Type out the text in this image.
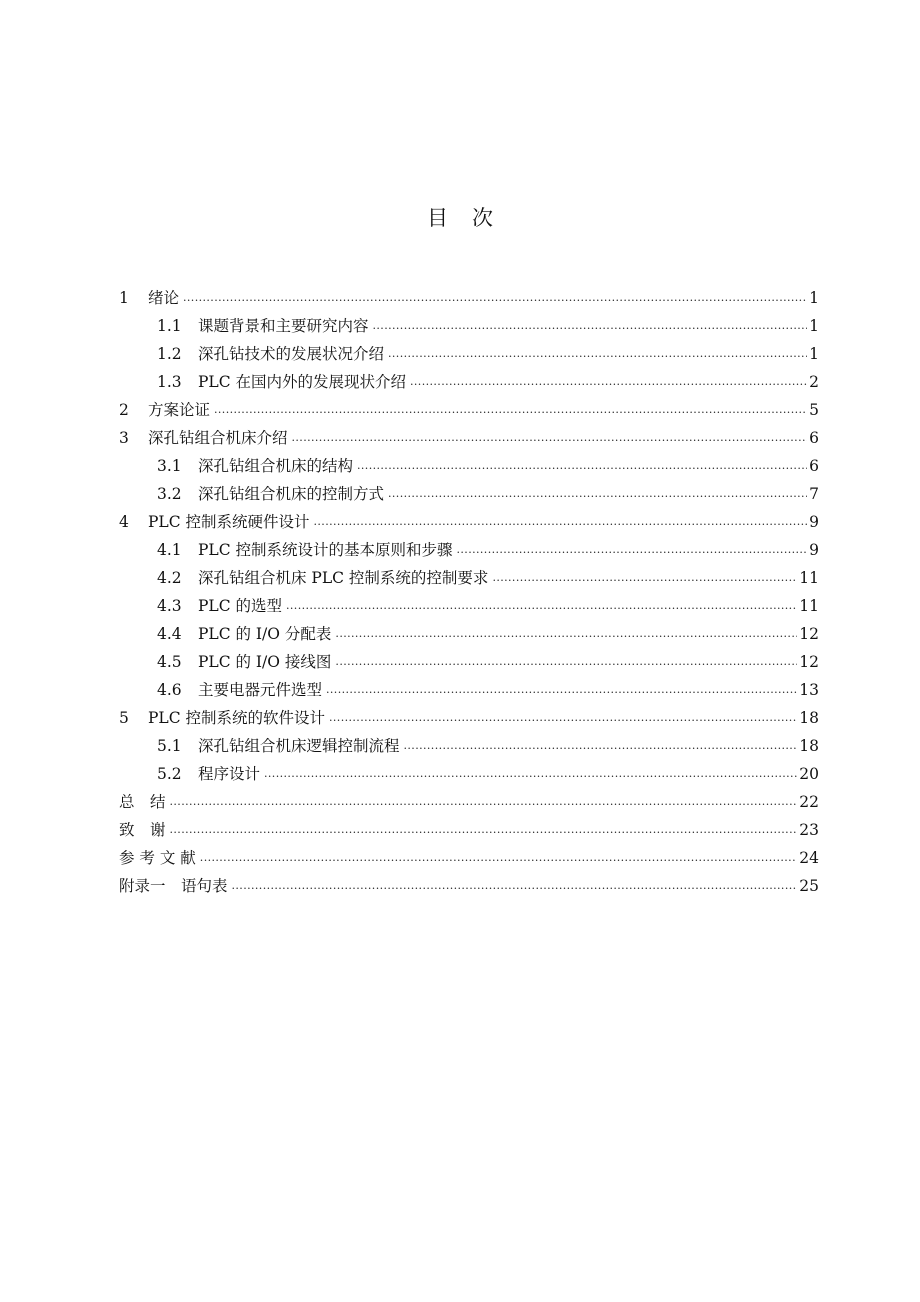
目 次
1	绪论 .....	1
1.1	课题背景和主要研究内容 .....	1
1.2	深孔钻技术的发展状况介绍 .....	1
1.3	PLC 在国内外的发展现状介绍 .....	2
2	方案论证 .....	5
3	深孔钻组合机床介绍 .....	6
3.1	深孔钻组合机床的结构 .....	6
3.2	深孔钻组合机床的控制方式 .....	7
4	PLC 控制系统硬件设计 .....	9
4.1	PLC 控制系统设计的基本原则和步骤 .....	9
4.2	深孔钻组合机床 PLC 控制系统的控制要求 .....	11
4.3	PLC 的选型 .....	11
4.4	PLC 的 I/O 分配表 .....	12
4.5	PLC 的 I/O 接线图 .....	12
4.6	主要电器元件选型 .....	13
5	PLC 控制系统的软件设计 .....	18
5.1	深孔钻组合机床逻辑控制流程 .....	18
5.2	程序设计 .....	20
总　结 .....	22
致　谢 .....	23
参 考 文 献 .....	24
附录一　语句表 .....	25
